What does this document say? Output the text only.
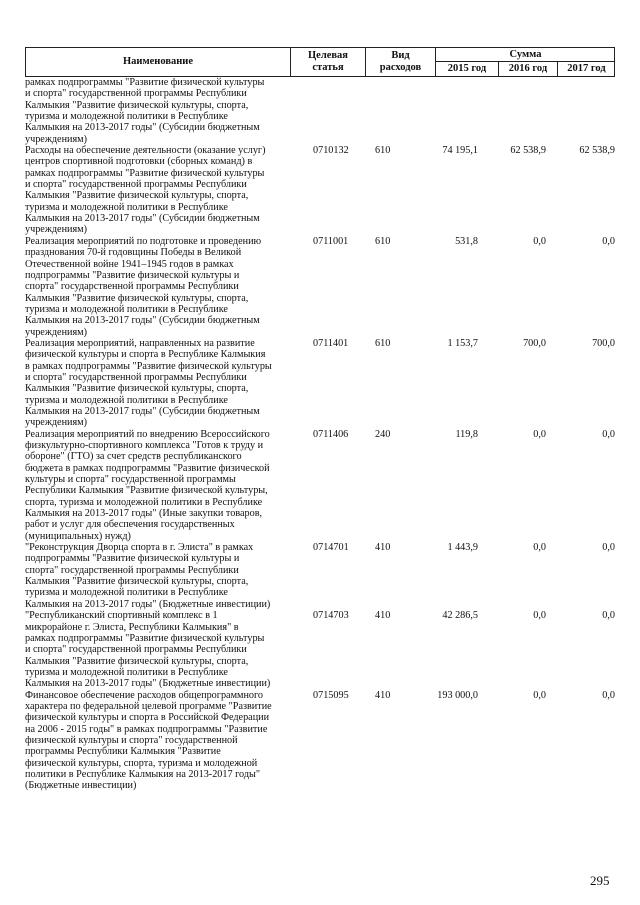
Наименование
Целевая
статья
Вид
расходов
Сумма
2015 год	2016 год	2017 год
рамках подпрограммы "Развитие физической культуры
и спорта" государственной программы Республики
Калмыкия "Развитие физической культуры, спорта,
туризма и молодежной политики в Республике
Калмыкия на 2013-2017 годы" (Субсидии бюджетным
учреждениям)
Расходы на обеспечение деятельности (оказание услуг)
центров спортивной подготовки (сборных команд) в
рамках подпрограммы "Развитие физической культуры
и спорта" государственной программы Республики
Калмыкия "Развитие физической культуры, спорта,
туризма и молодежной политики в Республике
Калмыкия на 2013-2017 годы" (Субсидии бюджетным
учреждениям)
0710132	610	74 195,1	62 538,9	62 538,9
Реализация мероприятий по подготовке и проведению
празднования 70-й годовщины Победы в Великой
Отечественной войне 1941–1945 годов в рамках
подпрограммы "Развитие физической культуры и
спорта" государственной программы Республики
Калмыкия "Развитие физической культуры, спорта,
туризма и молодежной политики в Республике
Калмыкия на 2013-2017 годы" (Субсидии бюджетным
учреждениям)
0711001	610	531,8	0,0	0,0
Реализация мероприятий, направленных на развитие
физической культуры и спорта в Республике Калмыкия
в рамках подпрограммы "Развитие физической культуры
и спорта" государственной программы Республики
Калмыкия "Развитие физической культуры, спорта,
туризма и молодежной политики в Республике
Калмыкия на 2013-2017 годы" (Субсидии бюджетным
учреждениям)
0711401	610	1 153,7	700,0	700,0
Реализация мероприятий по внедрению Всероссийского
физкультурно-спортивного комплекса "Готов к труду и
обороне" (ГТО) за счет средств республиканского
бюджета в рамках подпрограммы "Развитие физической
культуры и спорта" государственной программы
Республики Калмыкия "Развитие физической культуры,
спорта, туризма и молодежной политики в Республике
Калмыкия на 2013-2017 годы" (Иные закупки товаров,
работ и услуг для обеспечения государственных
(муниципальных) нужд)
0711406	240	119,8	0,0	0,0
"Реконструкция Дворца спорта в г. Элиста" в рамках
подпрограммы "Развитие физической культуры и
спорта" государственной программы Республики
Калмыкия "Развитие физической культуры, спорта,
туризма и молодежной политики в Республике
Калмыкия на 2013-2017 годы" (Бюджетные инвестиции)
0714701	410	1 443,9	0,0	0,0
"Республиканский спортивный комплекс в 1
микрорайоне г. Элиста, Республики Калмыкия" в
рамках подпрограммы "Развитие физической культуры
и спорта" государственной программы Республики
Калмыкия "Развитие физической культуры, спорта,
туризма и молодежной политики в Республике
Калмыкия на 2013-2017 годы" (Бюджетные инвестиции)
0714703	410	42 286,5	0,0	0,0
Финансовое обеспечение расходов общепрограммного
характера по федеральной целевой программе "Развитие
физической культуры и спорта в Российской Федерации
на 2006 - 2015 годы" в рамках подпрограммы "Развитие
физической культуры и спорта" государственной
программы Республики Калмыкия "Развитие
физической культуры, спорта, туризма и молодежной
политики в Республике Калмыкия на 2013-2017 годы"
(Бюджетные инвестиции)
0715095	410	193 000,0	0,0	0,0
295
